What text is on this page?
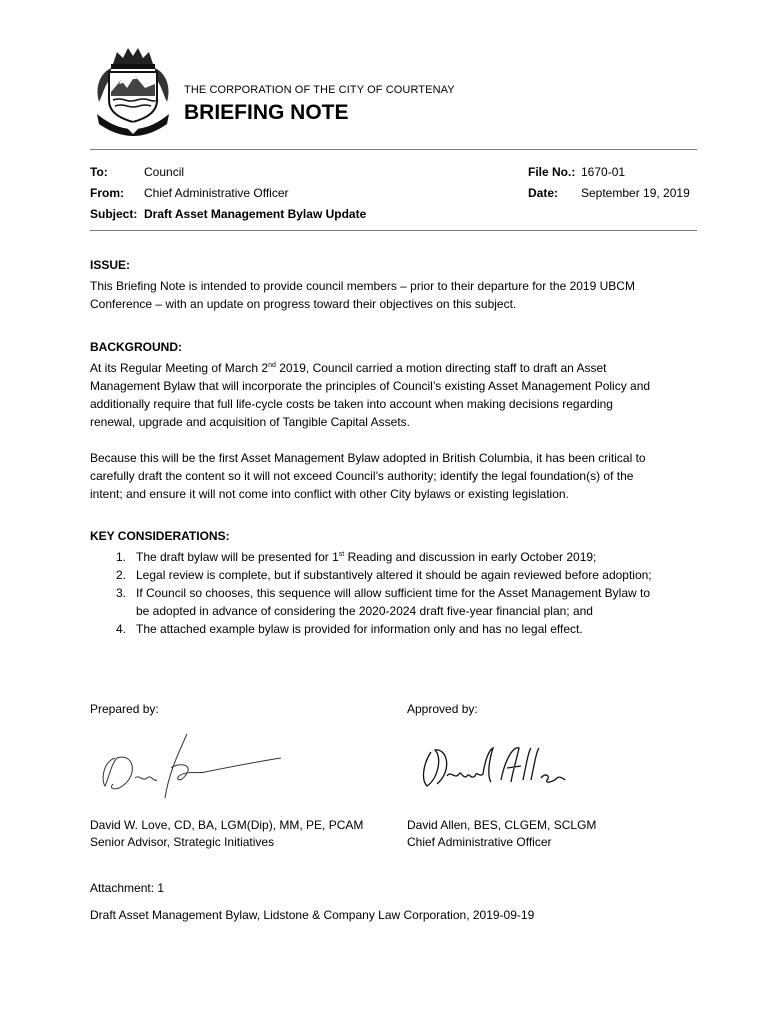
THE CORPORATION OF THE CITY OF COURTENAY
BRIEFING NOTE
To:	Council
From: Chief Administrative Officer
Subject: Draft Asset Management Bylaw Update
File No.: 1670-01
Date: September 19, 2019
ISSUE:

This Briefing Note is intended to provide council members – prior to their departure for the 2019 UBCM

Conference – with an update on progress toward their objectives on this subject.

BACKGROUND:

At its Regular Meeting of March 2nd 2019, Council carried a motion directing staff to draft an Asset

Management Bylaw that will incorporate the principles of Council’s existing Asset Management Policy and

additionally require that full life-cycle costs be taken into account when making decisions regarding

renewal, upgrade and acquisition of Tangible Capital Assets.

Because this will be the first Asset Management Bylaw adopted in British Columbia, it has been critical to

carefully draft the content so it will not exceed Council’s authority; identify the legal foundation(s) of the

intent; and ensure it will not come into conflict with other City bylaws or existing legislation.

KEY CONSIDERATIONS:
1. The draft bylaw will be presented for 1st Reading and discussion in early October 2019;
2. Legal review is complete, but if substantively altered it should be again reviewed before adoption;
3. If Council so chooses, this sequence will allow sufficient time for the Asset Management Bylaw to
be adopted in advance of considering the 2020-2024 draft five-year financial plan; and
4. The attached example bylaw is provided for information only and has no legal effect.
Prepared by:	Approved by:
David W. Love, CD, BA, LGM(Dip), MM, PE, PCAM
Senior Advisor, Strategic Initiatives
David Allen, BES, CLGEM, SCLGM
Chief Administrative Officer
Attachment: 1
Draft Asset Management Bylaw, Lidstone & Company Law Corporation, 2019-09-19
